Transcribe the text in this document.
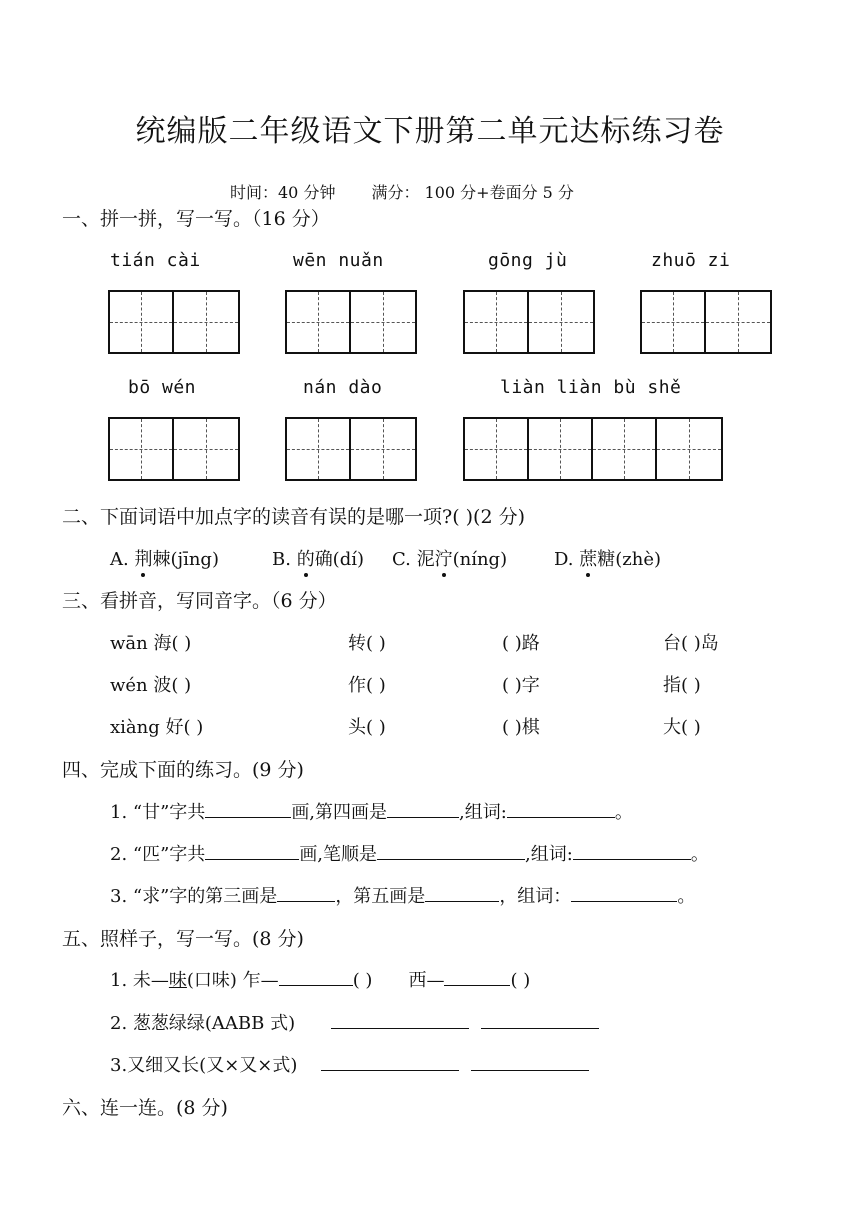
统编版二年级语文下册第二单元达标练习卷
时间：40 分钟 满分： 100 分+卷面分 5 分
一、拼一拼，写一写。（16 分）
tián cài	wēn nuǎn	gōng jù	zhuō zi
bō wén	nán dào	liàn liàn bù shě
二、下面词语中加点字的读音有误的是哪一项?( )(2 分)
A. 荆棘(jīng)	B. 的确(dí) C. 泥泞(níng)	D. 蔗糖(zhè)
三、看拼音，写同音字。（6 分）
wān 海( )	转( )	( )路	台( )岛
wén 波( )	作( )	( )字	指( )
xiàng 好( )	头( )	( )棋	大( )
四、完成下面的练习。(9 分)
1. “甘”字共	画,第四画是	,组词:	。
2. “匹”字共	画,笔顺是	,组词:	。
3. “求”字的第三画是	，第五画是	，组词：	。
五、照样子，写一写。(8 分)
1. 未—味(口味) 乍—	( ) 西—	( )
2. 葱葱绿绿(AABB 式)
3.又细又长(又×又×式)
六、连一连。(8 分)
